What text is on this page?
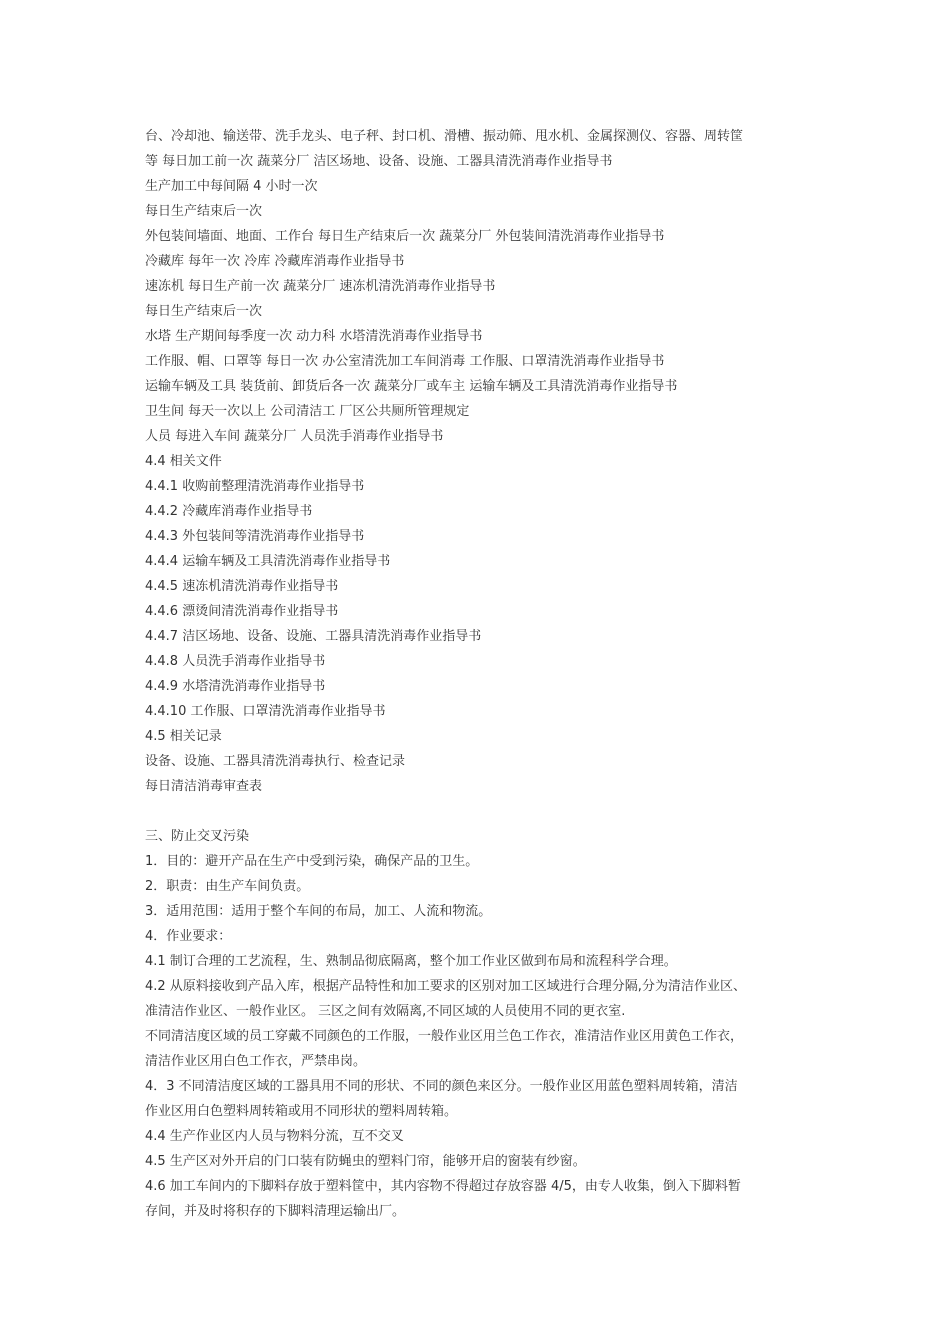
台、冷却池、输送带、洗手龙头、电子秤、封口机、滑槽、振动筛、甩水机、金属探测仪、容器、周转筐
等 每日加工前一次 蔬菜分厂 洁区场地、设备、设施、工器具清洗消毒作业指导书
生产加工中每间隔 4 小时一次
每日生产结束后一次
外包装间墙面、地面、工作台 每日生产结束后一次 蔬菜分厂 外包装间清洗消毒作业指导书
冷藏库 每年一次 冷库 冷藏库消毒作业指导书
速冻机 每日生产前一次 蔬菜分厂 速冻机清洗消毒作业指导书
每日生产结束后一次
水塔 生产期间每季度一次 动力科 水塔清洗消毒作业指导书
工作服、帽、口罩等 每日一次 办公室清洗加工车间消毒 工作服、口罩清洗消毒作业指导书
运输车辆及工具 装货前、卸货后各一次 蔬菜分厂或车主 运输车辆及工具清洗消毒作业指导书
卫生间 每天一次以上 公司清洁工 厂区公共厕所管理规定
人员 每进入车间 蔬菜分厂 人员洗手消毒作业指导书
4.4 相关文件
4.4.1 收购前整理清洗消毒作业指导书
4.4.2 冷藏库消毒作业指导书
4.4.3 外包装间等清洗消毒作业指导书
4.4.4 运输车辆及工具清洗消毒作业指导书
4.4.5 速冻机清洗消毒作业指导书
4.4.6 漂烫间清洗消毒作业指导书
4.4.7 洁区场地、设备、设施、工器具清洗消毒作业指导书
4.4.8 人员洗手消毒作业指导书
4.4.9 水塔清洗消毒作业指导书
4.4.10 工作服、口罩清洗消毒作业指导书
4.5 相关记录
设备、设施、工器具清洗消毒执行、检查记录
每日清洁消毒审查表
三、防止交叉污染
1．目的：避开产品在生产中受到污染，确保产品的卫生。
2．职责：由生产车间负责。
3．适用范围：适用于整个车间的布局，加工、人流和物流。
4．作业要求：
4.1 制订合理的工艺流程，生、熟制品彻底隔离，整个加工作业区做到布局和流程科学合理。
4.2 从原料接收到产品入库，根据产品特性和加工要求的区别对加工区域进行合理分隔,分为清洁作业区、
准清洁作业区、一般作业区。 三区之间有效隔离,不同区域的人员使用不同的更衣室.
不同清洁度区域的员工穿戴不同颜色的工作服，一般作业区用兰色工作衣，准清洁作业区用黄色工作衣，
清洁作业区用白色工作衣，严禁串岗。
4．3 不同清洁度区域的工器具用不同的形状、不同的颜色来区分。一般作业区用蓝色塑料周转箱，清洁
作业区用白色塑料周转箱或用不同形状的塑料周转箱。
4.4 生产作业区内人员与物料分流，互不交叉
4.5 生产区对外开启的门口装有防蝇虫的塑料门帘，能够开启的窗装有纱窗。
4.6 加工车间内的下脚料存放于塑料筐中，其内容物不得超过存放容器 4/5，由专人收集，倒入下脚料暂
存间，并及时将积存的下脚料清理运输出厂。
